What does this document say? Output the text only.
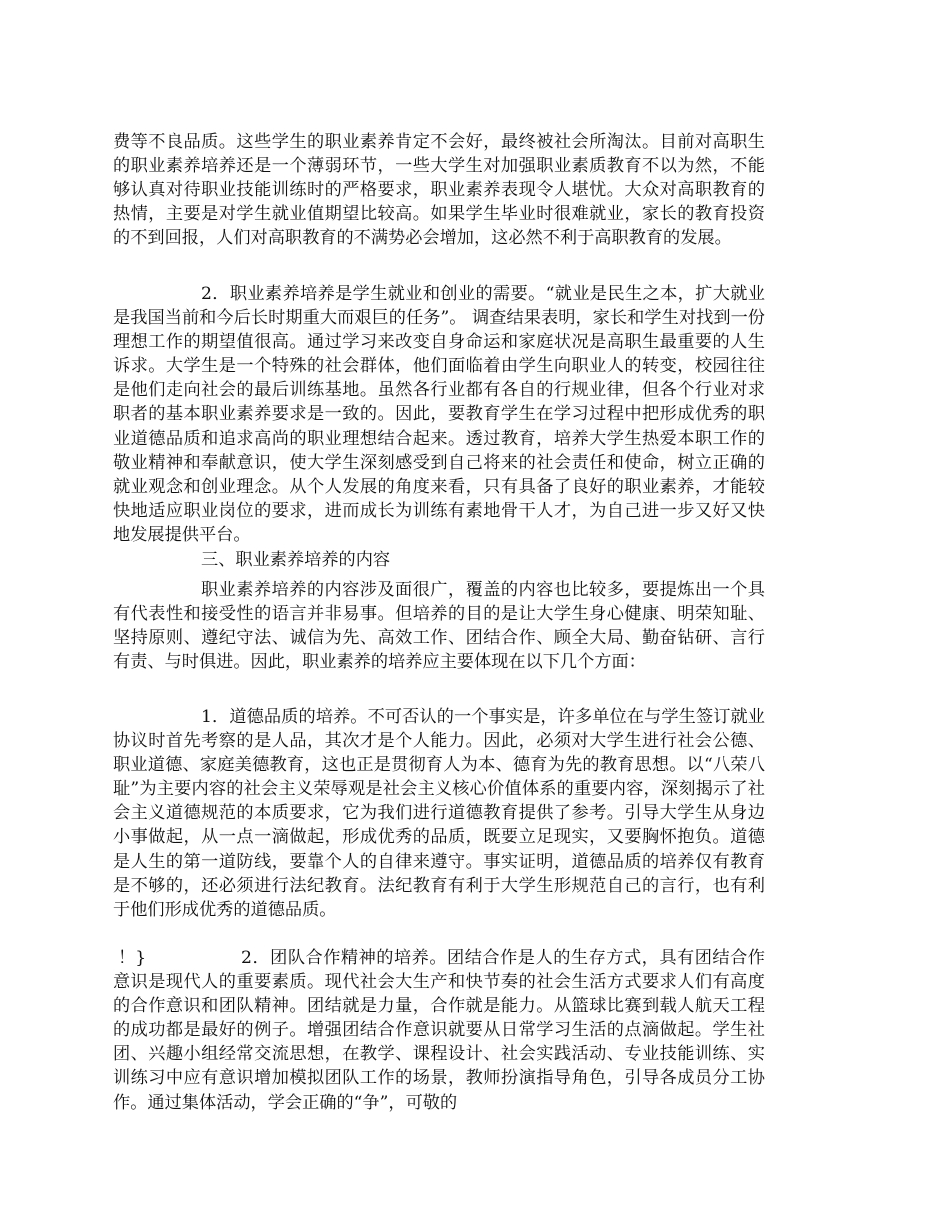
费等不良品质。这些学生的职业素养肯定不会好，最终被社会所淘汰。目前对高职生的职业素养培养还是一个薄弱环节，一些大学生对加强职业素质教育不以为然，不能够认真对待职业技能训练时的严格要求，职业素养表现令人堪忧。大众对高职教育的热情，主要是对学生就业值期望比较高。如果学生毕业时很难就业，家长的教育投资的不到回报，人们对高职教育的不满势必会增加，这必然不利于高职教育的发展。

2．职业素养培养是学生就业和创业的需要。“就业是民生之本，扩大就业是我国当前和今后长时期重大而艰巨的任务”。 调查结果表明，家长和学生对找到一份理想工作的期望值很高。通过学习来改变自身命运和家庭状况是高职生最重要的人生诉求。大学生是一个特殊的社会群体，他们面临着由学生向职业人的转变，校园往往是他们走向社会的最后训练基地。虽然各行业都有各自的行规业律，但各个行业对求职者的基本职业素养要求是一致的。因此，要教育学生在学习过程中把形成优秀的职业道德品质和追求高尚的职业理想结合起来。透过教育，培养大学生热爱本职工作的敬业精神和奉献意识，使大学生深刻感受到自己将来的社会责任和使命，树立正确的就业观念和创业理念。从个人发展的角度来看，只有具备了良好的职业素养，才能较快地适应职业岗位的要求，进而成长为训练有素地骨干人才，为自己进一步又好又快地发展提供平台。

三、职业素养培养的内容

职业素养培养的内容涉及面很广，覆盖的内容也比较多，要提炼出一个具有代表性和接受性的语言并非易事。但培养的目的是让大学生身心健康、明荣知耻、坚持原则、遵纪守法、诚信为先、高效工作、团结合作、顾全大局、勤奋钻研、言行有责、与时俱进。因此，职业素养的培养应主要体现在以下几个方面：

1．道德品质的培养。不可否认的一个事实是，许多单位在与学生签订就业协议时首先考察的是人品，其次才是个人能力。因此，必须对大学生进行社会公德、职业道德、家庭美德教育，这也正是贯彻育人为本、德育为先的教育思想。以“八荣八耻”为主要内容的社会主义荣辱观是社会主义核心价值体系的重要内容，深刻揭示了社会主义道德规范的本质要求，它为我们进行道德教育提供了参考。引导大学生从身边小事做起，从一点一滴做起，形成优秀的品质，既要立足现实，又要胸怀抱负。道德是人生的第一道防线，要靠个人的自律来遵守。事实证明，道德品质的培养仅有教育是不够的，还必须进行法纪教育。法纪教育有利于大学生形规范自己的言行，也有利于他们形成优秀的道德品质。

！}	2．团队合作精神的培养。团结合作是人的生存方式，具有团结合作意识是现代人的重要素质。现代社会大生产和快节奏的社会生活方式要求人们有高度的合作意识和团队精神。团结就是力量，合作就是能力。从篮球比赛到载人航天工程的成功都是最好的例子。增强团结合作意识就要从日常学习生活的点滴做起。学生社团、兴趣小组经常交流思想，在教学、课程设计、社会实践活动、专业技能训练、实训练习中应有意识增加模拟团队工作的场景，教师扮演指导角色，引导各成员分工协作。通过集体活动，学会正确的“争”，可敬的
